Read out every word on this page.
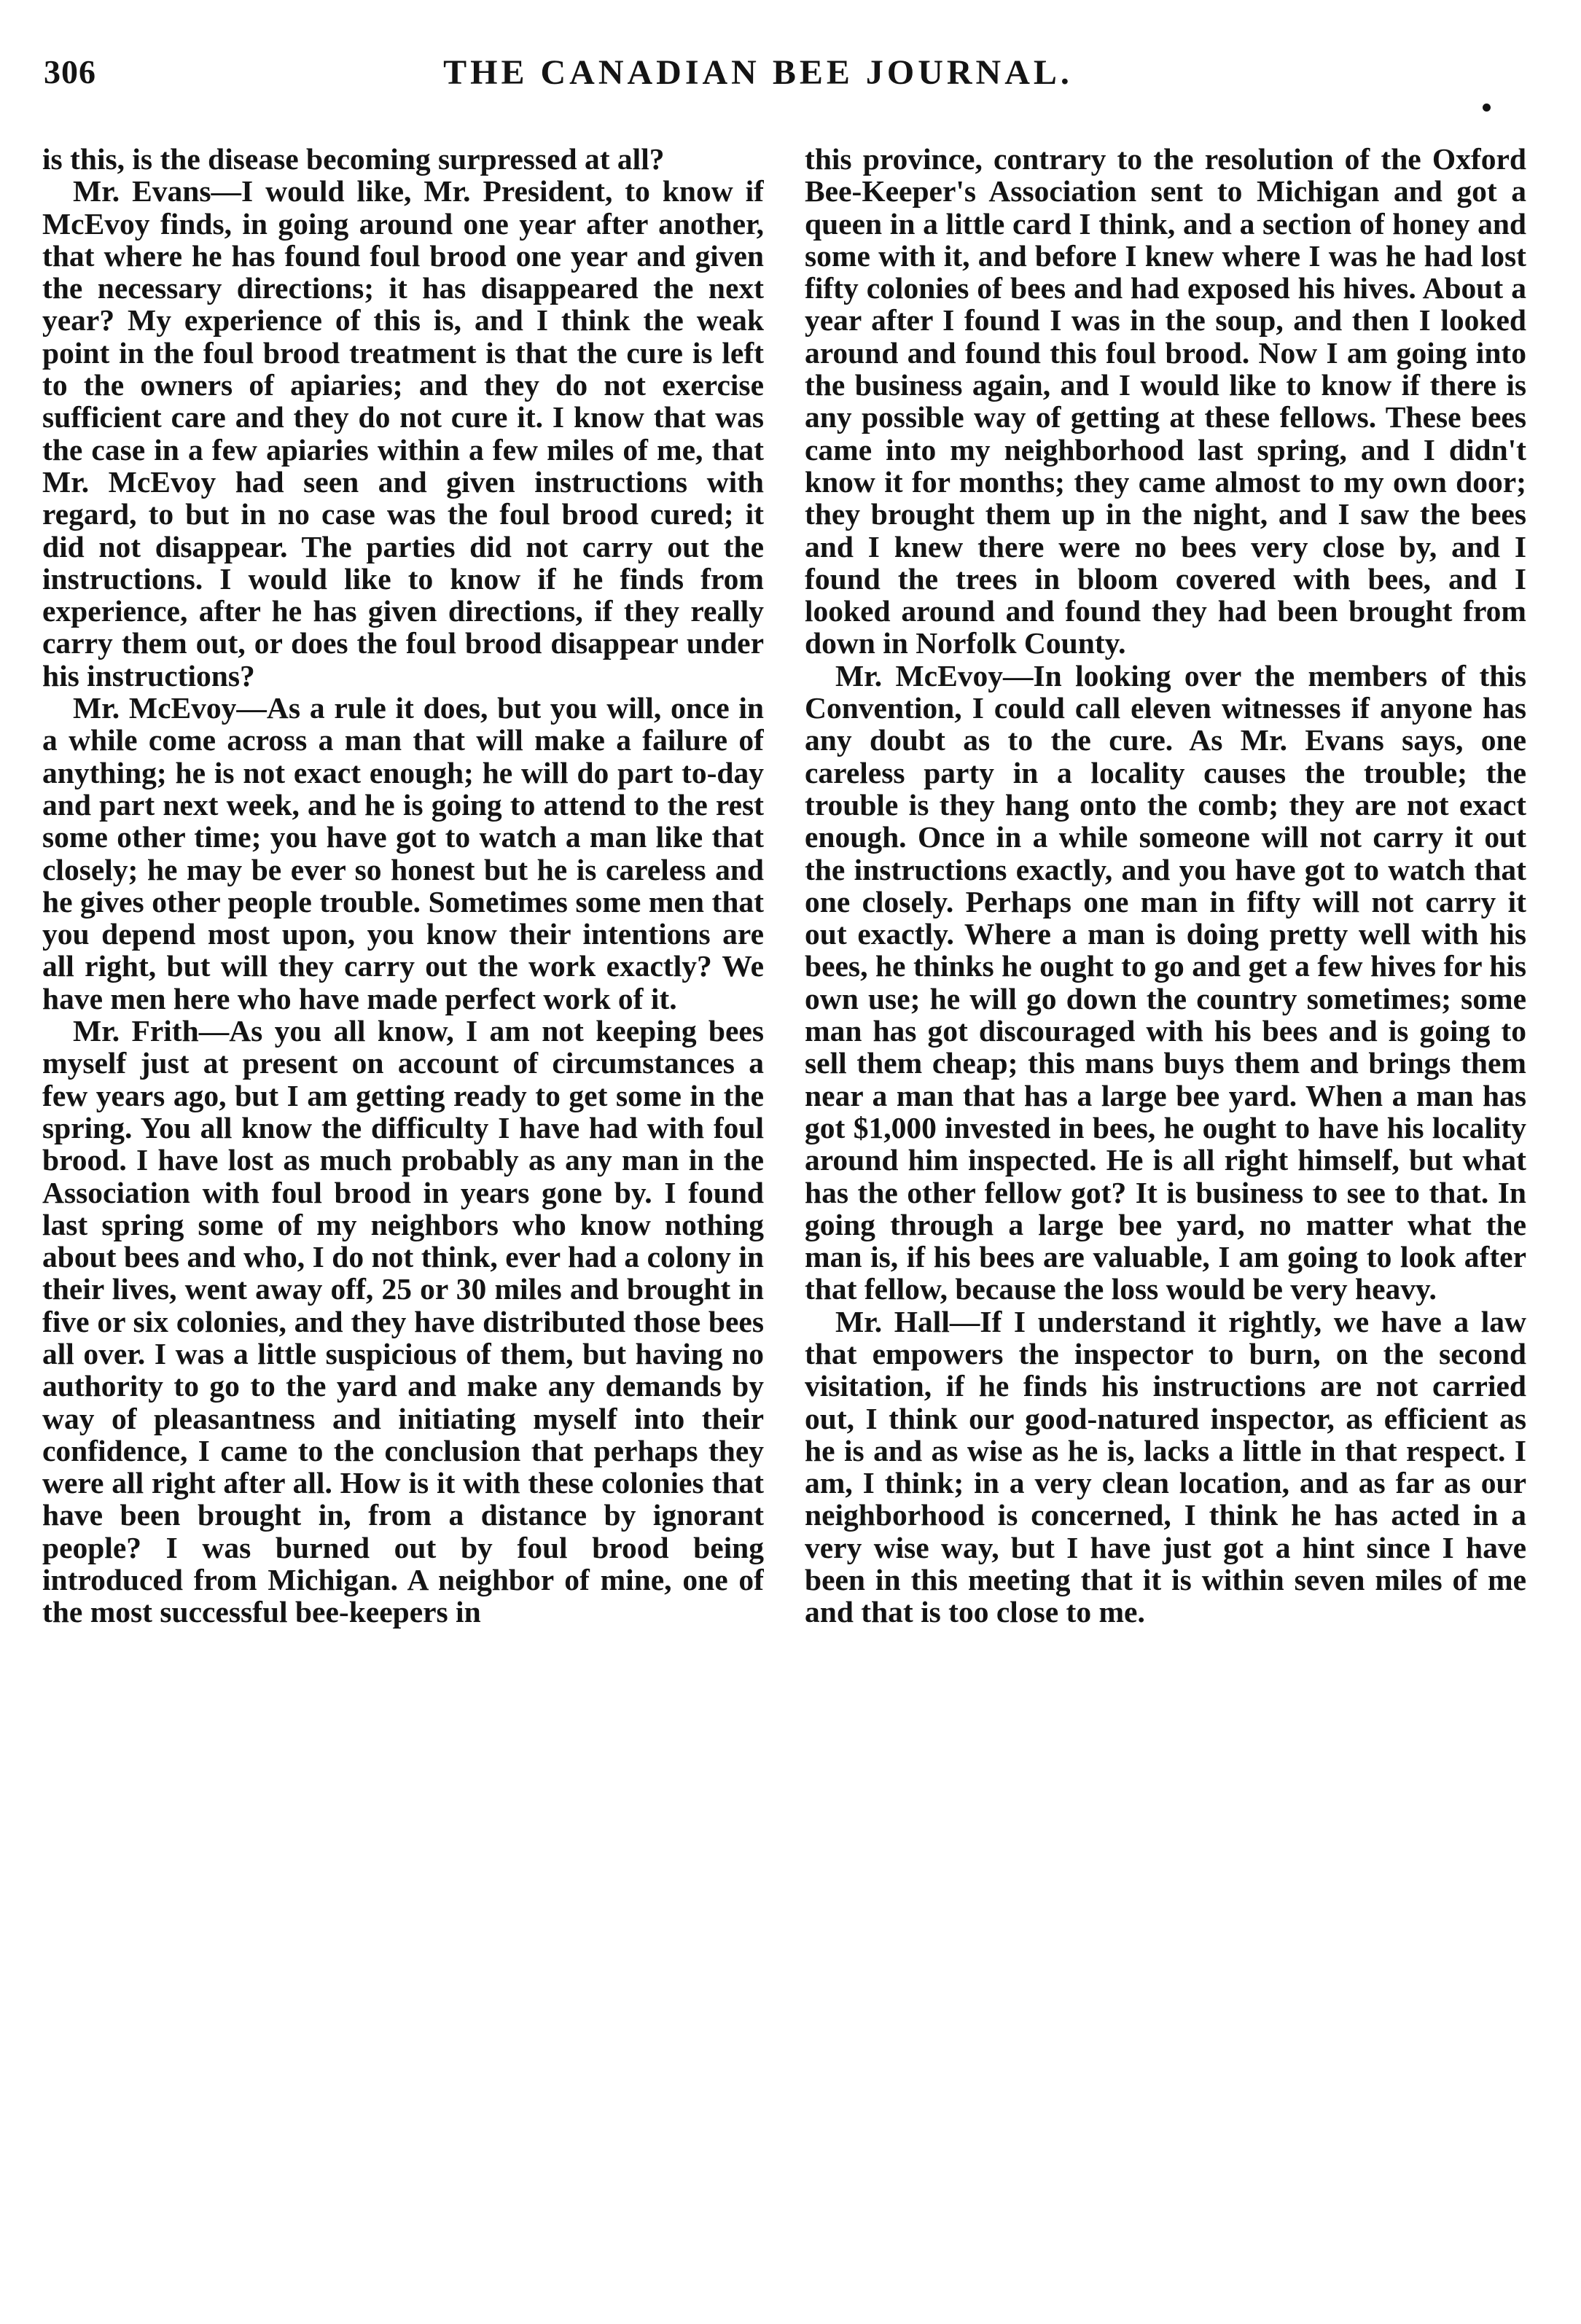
306	THE CANADIAN BEE JOURNAL.

is this, is the disease becoming surpressed at all?

Mr. Evans—I would like, Mr. President, to know if McEvoy finds, in going around one year after another, that where he has found foul brood one year and given the necessary directions; it has disappeared the next year? My experience of this is, and I think the weak point in the foul brood treatment is that the cure is left to the owners of apiaries; and they do not exercise sufficient care and they do not cure it. I know that was the case in a few apiaries within a few miles of me, that Mr. McEvoy had seen and given instructions with regard, to but in no case was the foul brood cured; it did not disappear. The parties did not carry out the instructions. I would like to know if he finds from experience, after he has given directions, if they really carry them out, or does the foul brood disappear under his instructions?

Mr. McEvoy—As a rule it does, but you will, once in a while come across a man that will make a failure of anything; he is not exact enough; he will do part to-day and part next week, and he is going to attend to the rest some other time; you have got to watch a man like that closely; he may be ever so honest but he is careless and he gives other people trouble. Sometimes some men that you depend most upon, you know their intentions are all right, but will they carry out the work exactly? We have men here who have made perfect work of it.

Mr. Frith—As you all know, I am not keeping bees myself just at present on account of circumstances a few years ago, but I am getting ready to get some in the spring. You all know the difficulty I have had with foul brood. I have lost as much probably as any man in the Association with foul brood in years gone by. I found last spring some of my neighbors who know nothing about bees and who, I do not think, ever had a colony in their lives, went away off, 25 or 30 miles and brought in five or six colonies, and they have distributed those bees all over. I was a little suspicious of them, but having no authority to go to the yard and make any demands by way of pleasantness and initiating myself into their confidence, I came to the conclusion that perhaps they were all right after all. How is it with these colonies that have been brought in, from a distance by ignorant people? I was burned out by foul brood being introduced from Michigan. A neighbor of mine, one of the most successful bee-keepers in

this province, contrary to the resolution of the Oxford Bee-Keeper's Association sent to Michigan and got a queen in a little card I think, and a section of honey and some with it, and before I knew where I was he had lost fifty colonies of bees and had exposed his hives. About a year after I found I was in the soup, and then I looked around and found this foul brood. Now I am going into the business again, and I would like to know if there is any possible way of getting at these fellows. These bees came into my neighborhood last spring, and I didn't know it for months; they came almost to my own door; they brought them up in the night, and I saw the bees and I knew there were no bees very close by, and I found the trees in bloom covered with bees, and I looked around and found they had been brought from down in Norfolk County.

Mr. McEvoy—In looking over the members of this Convention, I could call eleven witnesses if anyone has any doubt as to the cure. As Mr. Evans says, one careless party in a locality causes the trouble; the trouble is they hang onto the comb; they are not exact enough. Once in a while someone will not carry it out the instructions exactly, and you have got to watch that one closely. Perhaps one man in fifty will not carry it out exactly. Where a man is doing pretty well with his bees, he thinks he ought to go and get a few hives for his own use; he will go down the country sometimes; some man has got discouraged with his bees and is going to sell them cheap; this mans buys them and brings them near a man that has a large bee yard. When a man has got $1,000 invested in bees, he ought to have his locality around him inspected. He is all right himself, but what has the other fellow got? It is business to see to that. In going through a large bee yard, no matter what the man is, if his bees are valuable, I am going to look after that fellow, because the loss would be very heavy.

Mr. Hall—If I understand it rightly, we have a law that empowers the inspector to burn, on the second visitation, if he finds his instructions are not carried out, I think our good-natured inspector, as efficient as he is and as wise as he is, lacks a little in that respect. I am, I think; in a very clean location, and as far as our neighborhood is concerned, I think he has acted in a very wise way, but I have just got a hint since I have been in this meeting that it is within seven miles of me and that is too close to me.
